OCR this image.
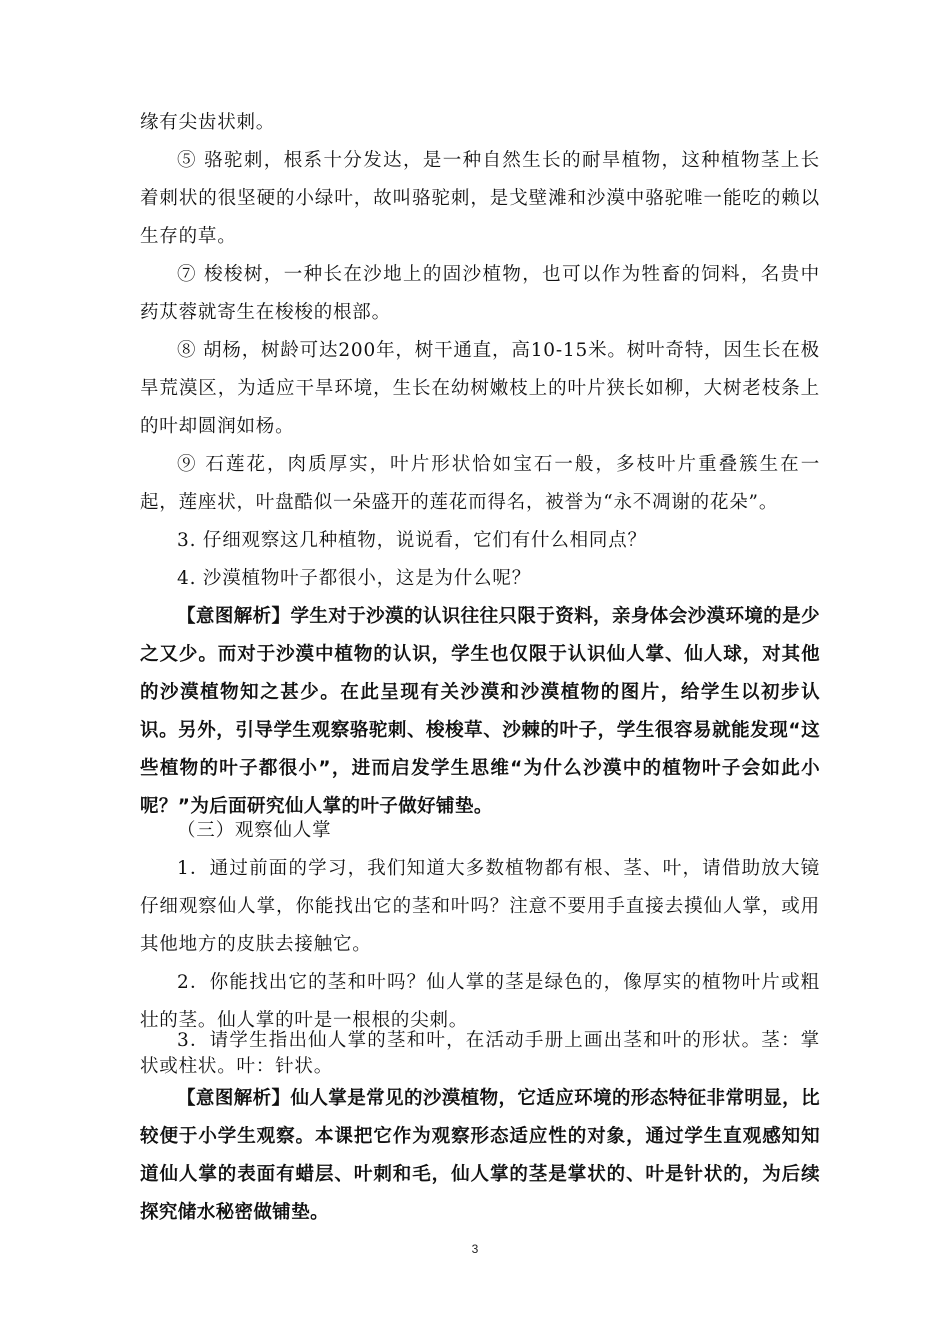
缘有尖齿状刺。

⑤ 骆驼刺，根系十分发达，是一种自然生长的耐旱植物，这种植物茎上长着刺状的很坚硬的小绿叶，故叫骆驼刺，是戈壁滩和沙漠中骆驼唯一能吃的赖以生存的草。

⑦ 梭梭树，一种长在沙地上的固沙植物，也可以作为牲畜的饲料，名贵中药苁蓉就寄生在梭梭的根部。

⑧ 胡杨，树龄可达200年，树干通直，高10-15米。树叶奇特，因生长在极旱荒漠区，为适应干旱环境，生长在幼树嫩枝上的叶片狭长如柳，大树老枝条上的叶却圆润如杨。

⑨ 石莲花，肉质厚实，叶片形状恰如宝石一般，多枝叶片重叠簇生在一起，莲座状，叶盘酷似一朵盛开的莲花而得名，被誉为“永不凋谢的花朵”。

3. 仔细观察这几种植物，说说看，它们有什么相同点？

4. 沙漠植物叶子都很小，这是为什么呢？

【意图解析】学生对于沙漠的认识往往只限于资料，亲身体会沙漠环境的是少之又少。而对于沙漠中植物的认识，学生也仅限于认识仙人掌、仙人球，对其他的沙漠植物知之甚少。在此呈现有关沙漠和沙漠植物的图片，给学生以初步认识。另外，引导学生观察骆驼刺、梭梭草、沙棘的叶子，学生很容易就能发现“这些植物的叶子都很小”，进而启发学生思维“为什么沙漠中的植物叶子会如此小呢？”为后面研究仙人掌的叶子做好铺垫。

（三）观察仙人掌

1．通过前面的学习，我们知道大多数植物都有根、茎、叶，请借助放大镜仔细观察仙人掌，你能找出它的茎和叶吗？注意不要用手直接去摸仙人掌，或用其他地方的皮肤去接触它。

2．你能找出它的茎和叶吗？仙人掌的茎是绿色的，像厚实的植物叶片或粗壮的茎。仙人掌的叶是一根根的尖刺。

3．请学生指出仙人掌的茎和叶，在活动手册上画出茎和叶的形状。茎：掌状或柱状。叶：针状。

【意图解析】仙人掌是常见的沙漠植物，它适应环境的形态特征非常明显，比较便于小学生观察。本课把它作为观察形态适应性的对象，通过学生直观感知知道仙人掌的表面有蜡层、叶刺和毛，仙人掌的茎是掌状的、叶是针状的，为后续探究储水秘密做铺垫。

3
